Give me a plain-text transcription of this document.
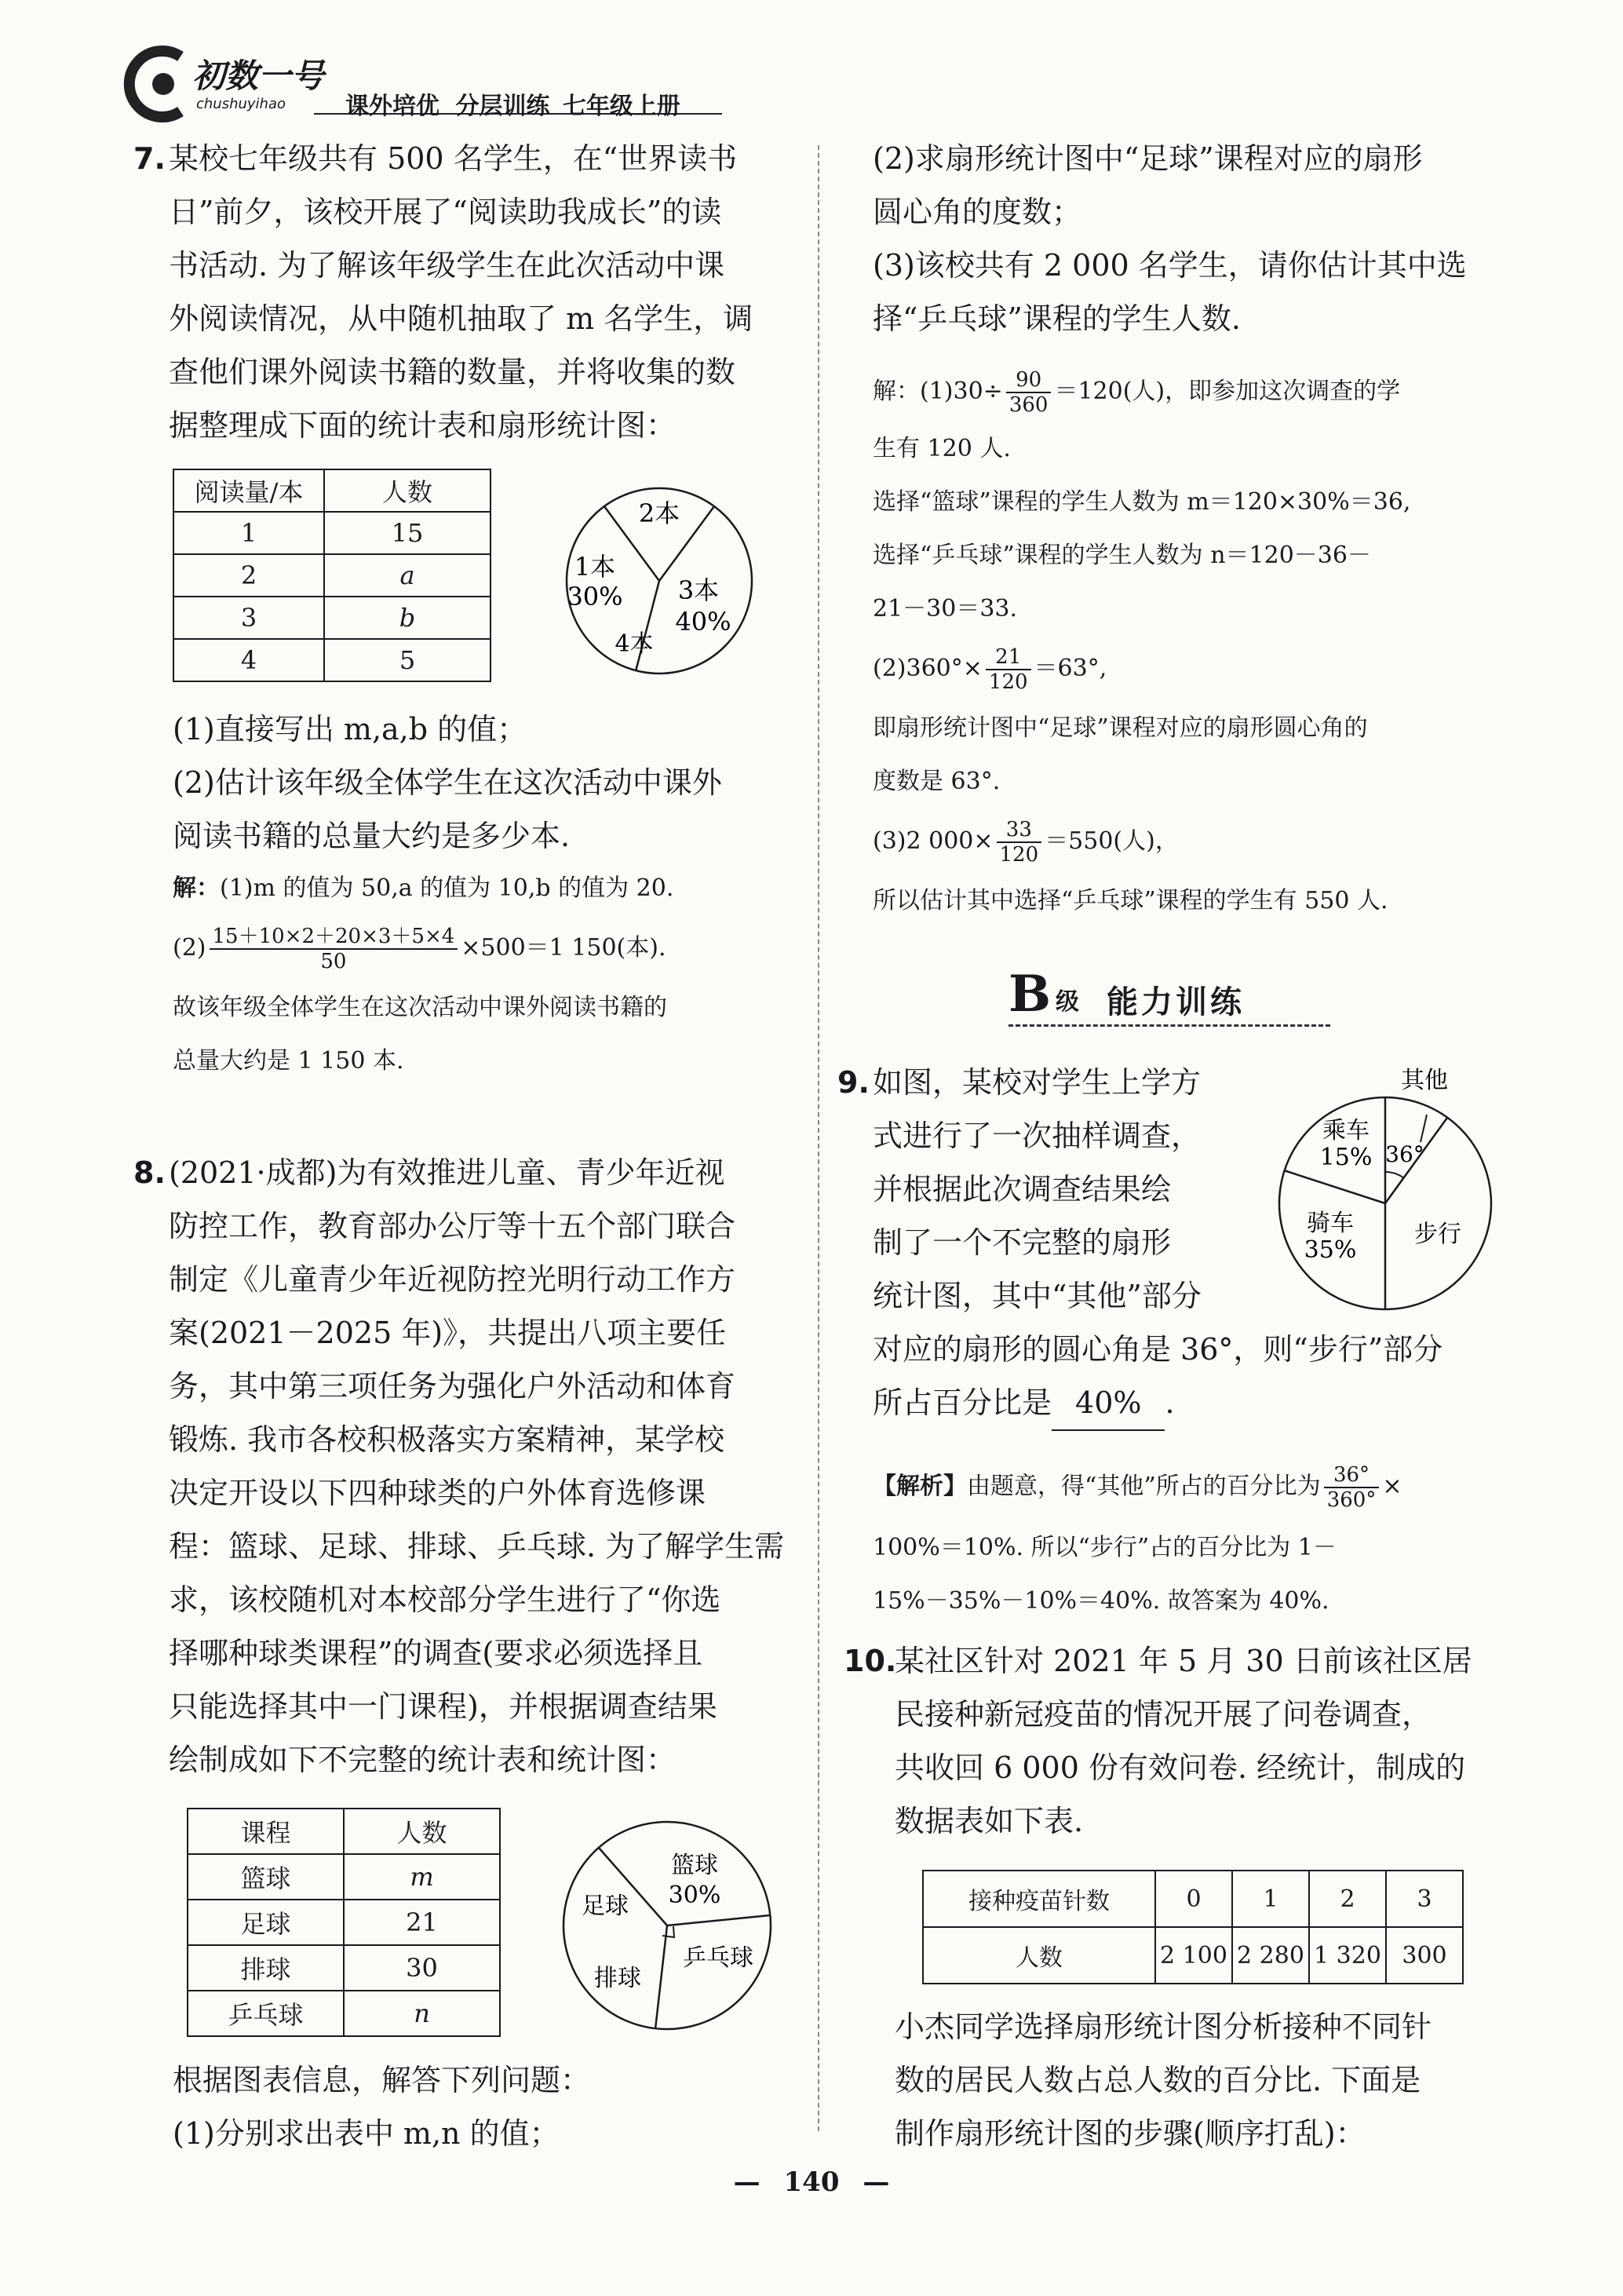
初数一号
chushuyihao	课外培优 分层训练 七年级上册
7. 某校七年级共有 500 名学生，在“世界读书
日”前夕，该校开展了“阅读助我成长”的读
书活动. 为了解该年级学生在此次活动中课
外阅读情况，从中随机抽取了 m 名学生，调
查他们课外阅读书籍的数量，并将收集的数
据整理成下面的统计表和扇形统计图：
阅读量/本	人数
1	15
2	a
3	b
4	5
1本
30%
2本
3本
40%
4本
(1)直接写出 m,a,b 的值；
(2)估计该年级全体学生在这次活动中课外
阅读书籍的总量大约是多少本.
解：(1)m 的值为 50,a 的值为 10,b 的值为 20.
$(2) \frac{15+10\times 2+20\times 3+5\times 4}{50} \times 500=1$ 150(本).
故该年级全体学生在这次活动中课外阅读书籍的
总量大约是 1 150 本.
8. (2021·成都)为有效推进儿童、青少年近视
防控工作，教育部办公厅等十五个部门联合
制定《儿童青少年近视防控光明行动工作方
案(2021－2025 年)》，共提出八项主要任
务，其中第三项任务为强化户外活动和体育
锻炼. 我市各校积极落实方案精神，某学校
决定开设以下四种球类的户外体育选修课
程：篮球、足球、排球、乒乓球. 为了解学生需
求，该校随机对本校部分学生进行了“你选
择哪种球类课程”的调查(要求必须选择且
只能选择其中一门课程)，并根据调查结果
绘制成如下不完整的统计表和统计图：
课程	人数
篮球	m
足球	21
排球	30
乒乓球	n
篮球
30%
足球
排球
乒乓球
根据图表信息，解答下列问题：
(1)分别求出表中 m,n 的值；
(2)求扇形统计图中“足球”课程对应的扇形
圆心角的度数；
(3)该校共有 2 000 名学生，请你估计其中选
择“乒乓球”课程的学生人数.
解：$(1)30\div \frac{90}{360} =120$(人)，即参加这次调查的学
生有 120 人.
选择“篮球”课程的学生人数为 m＝120×30%＝36,
选择“乒乓球”课程的学生人数为 n＝120－36－
21－30＝33.
$(2)360^\circ\times \frac{21}{120} =63^\circ$,
即扇形统计图中“足球”课程对应的扇形圆心角的
度数是 63°.
(3)2 $000\times \frac{33}{120} =550$(人)，
所以估计其中选择“乒乓球”课程的学生有 550 人.
B 级 能力训练
9. 如图，某校对学生上学方
式进行了一次抽样调查，
并根据此次调查结果绘
制了一个不完整的扇形
统计图，其中“其他”部分
对应的扇形的圆心角是 36°，则“步行”部分
所占百分比是 40% .
其他
36°
乘车
15%
骑车
35%
步行
【解析】由题意，得“其他”所占的百分比为 $\frac{36^\circ}{360^\circ}$ ×
100%＝10%. 所以“步行”占的百分比为 1－
15%－35%－10%＝40%. 故答案为 40%.
10.
某社区针对 2021 年 5 月 30 日前该社区居
民接种新冠疫苗的情况开展了问卷调查，
共收回 6 000 份有效问卷. 经统计，制成的
数据表如下表.
接种疫苗针数	0	1	2	3
人数	2 100	2 280	1 320	300
小杰同学选择扇形统计图分析接种不同针
数的居民人数占总人数的百分比. 下面是
制作扇形统计图的步骤(顺序打乱)：
— 140 —
